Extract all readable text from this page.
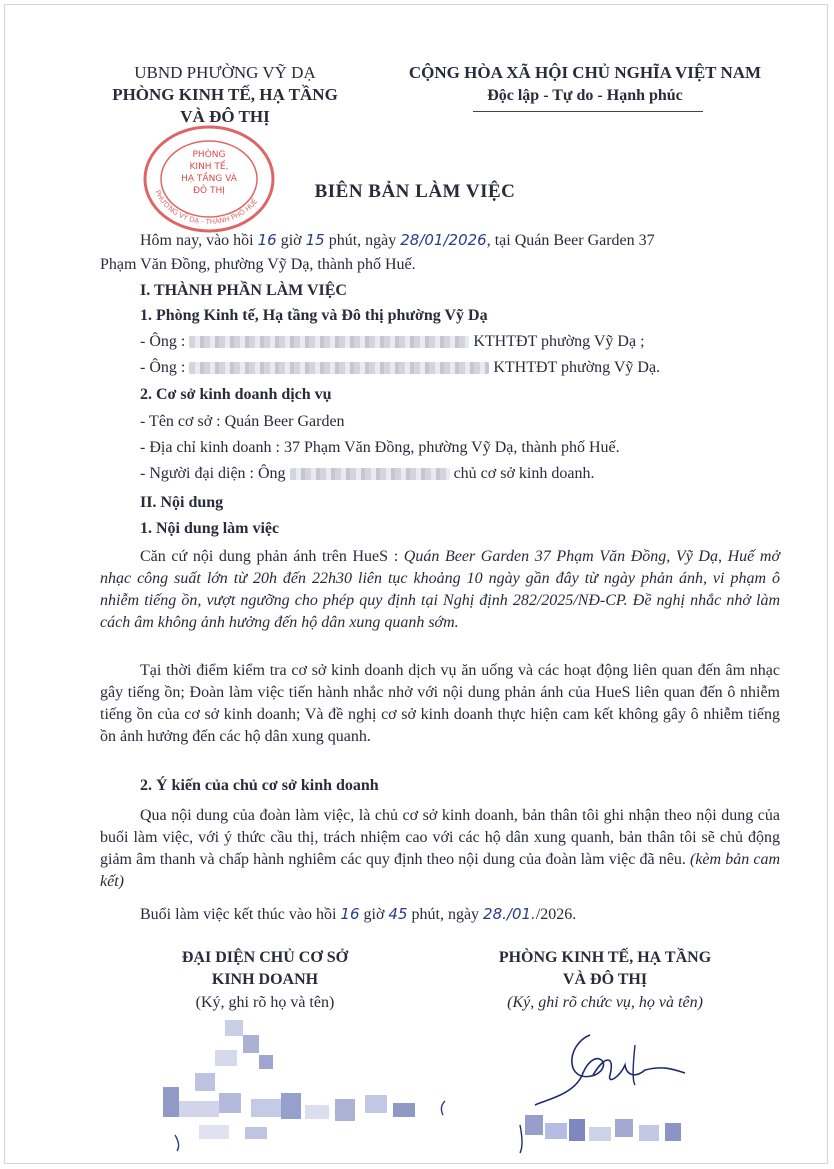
UBND PHƯỜNG VỸ DẠ
PHÒNG KINH TẾ, HẠ TẦNG
VÀ ĐÔ THỊ
CỘNG HÒA XÃ HỘI CHỦ NGHĨA VIỆT NAM
Độc lập - Tự do - Hạnh phúc
PHƯỜNG VỸ DẠ - THÀNH PHỐ HUẾ
PHÒNG
KINH TẾ,
HẠ TẦNG VÀ
ĐÔ THỊ	BIÊN BẢN LÀM VIỆC
Hôm nay, vào hồi 16 giờ 15 phút, ngày 28/01/2026, tại Quán Beer Garden 37
Phạm Văn Đồng, phường Vỹ Dạ, thành phố Huế.
I. THÀNH PHẦN LÀM VIỆC
1. Phòng Kinh tế, Hạ tầng và Đô thị phường Vỹ Dạ
- Ông :	KTHTĐT phường Vỹ Dạ ;
- Ông :	KTHTĐT phường Vỹ Dạ.
2. Cơ sở kinh doanh dịch vụ
- Tên cơ sở : Quán Beer Garden
- Địa chỉ kinh doanh : 37 Phạm Văn Đồng, phường Vỹ Dạ, thành phố Huế.
- Người đại diện : Ông	chủ cơ sở kinh doanh.
II. Nội dung
1. Nội dung làm việc
Căn cứ nội dung phản ánh trên HueS : Quán Beer Garden 37 Phạm Văn Đồng, Vỹ Dạ, Huế mở nhạc công suất lớn từ 20h đến 22h30 liên tục khoảng 10 ngày gần đây từ ngày phản ánh, vi phạm ô nhiễm tiếng ồn, vượt ngưỡng cho phép quy định tại Nghị định 282/2025/NĐ-CP. Đề nghị nhắc nhở làm cách âm không ảnh hưởng đến hộ dân xung quanh sớm.
Tại thời điểm kiểm tra cơ sở kinh doanh dịch vụ ăn uống và các hoạt động liên quan đến âm nhạc gây tiếng ồn; Đoàn làm việc tiến hành nhắc nhở với nội dung phản ánh của HueS liên quan đến ô nhiễm tiếng ồn của cơ sở kinh doanh; Và đề nghị cơ sở kinh doanh thực hiện cam kết không gây ô nhiễm tiếng ồn ảnh hưởng đến các hộ dân xung quanh.
2. Ý kiến của chủ cơ sở kinh doanh
Qua nội dung của đoàn làm việc, là chủ cơ sở kinh doanh, bản thân tôi ghi nhận theo nội dung của buổi làm việc, với ý thức cầu thị, trách nhiệm cao với các hộ dân xung quanh, bản thân tôi sẽ chủ động giảm âm thanh và chấp hành nghiêm các quy định theo nội dung của đoàn làm việc đã nêu. (kèm bản cam kết)
Buổi làm việc kết thúc vào hồi 16 giờ 45 phút, ngày 28./01./2026.
ĐẠI DIỆN CHỦ CƠ SỞ
KINH DOANH
(Ký, ghi rõ họ và tên)
PHÒNG KINH TẾ, HẠ TẦNG
VÀ ĐÔ THỊ
(Ký, ghi rõ chức vụ, họ và tên)
